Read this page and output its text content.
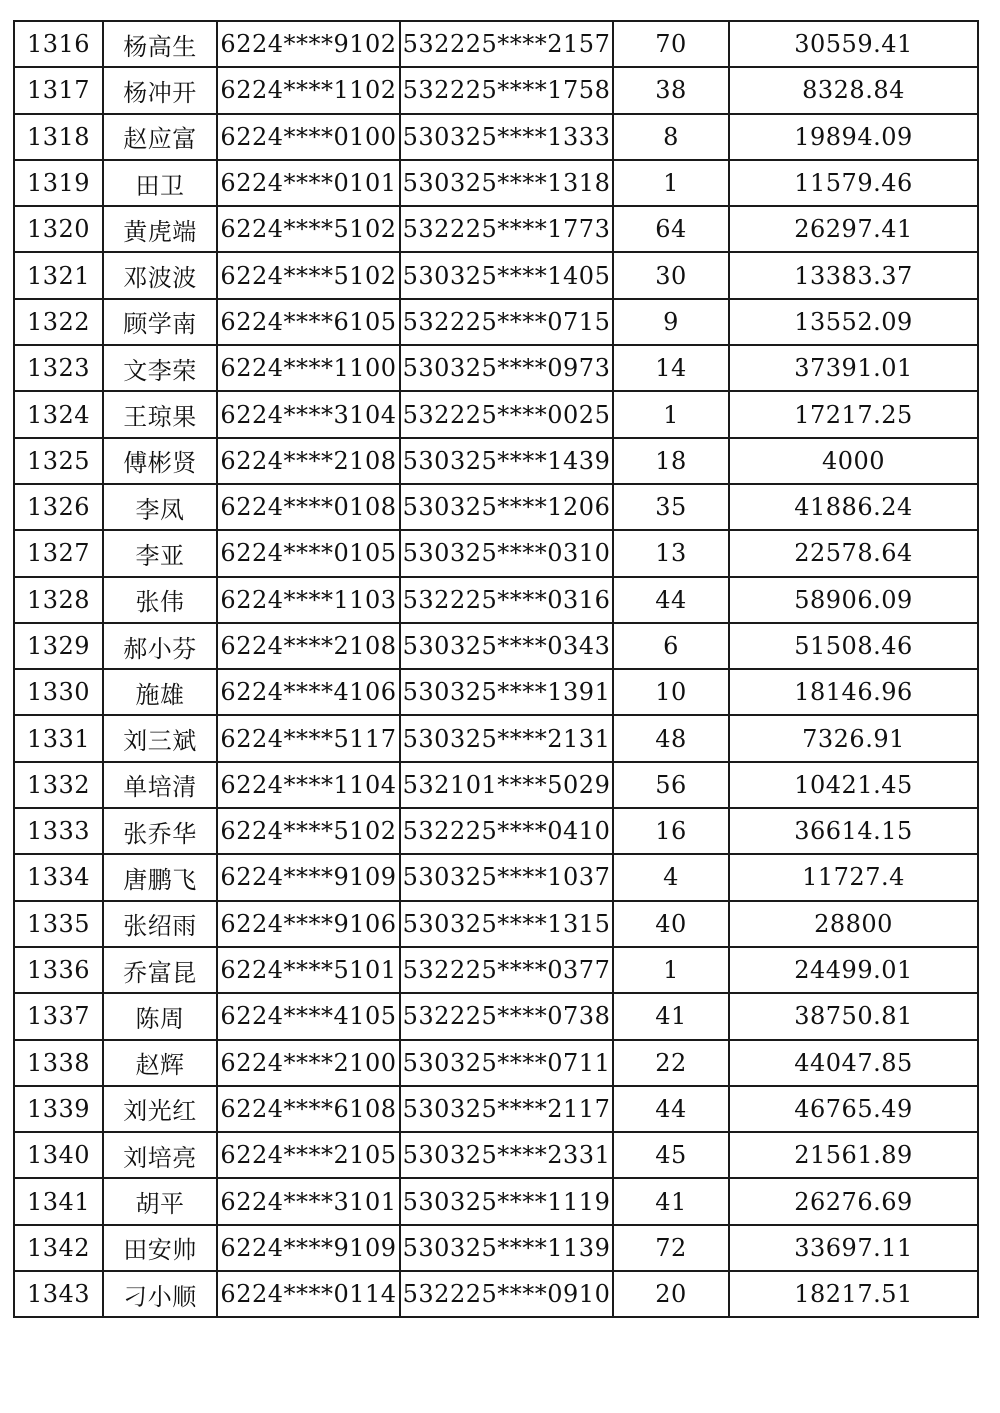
1316	杨高生	6224****9102	532225****2157	70	30559.41
1317	杨冲开	6224****1102	532225****1758	38	8328.84
1318	赵应富	6224****0100	530325****1333	8	19894.09
1319	田卫	6224****0101	530325****1318	1	11579.46
1320	黄虎端	6224****5102	532225****1773	64	26297.41
1321	邓波波	6224****5102	530325****1405	30	13383.37
1322	顾学南	6224****6105	532225****0715	9	13552.09
1323	文李荣	6224****1100	530325****0973	14	37391.01
1324	王琼果	6224****3104	532225****0025	1	17217.25
1325	傅彬贤	6224****2108	530325****1439	18	4000
1326	李凤	6224****0108	530325****1206	35	41886.24
1327	李亚	6224****0105	530325****0310	13	22578.64
1328	张伟	6224****1103	532225****0316	44	58906.09
1329	郝小芬	6224****2108	530325****0343	6	51508.46
1330	施雄	6224****4106	530325****1391	10	18146.96
1331	刘三斌	6224****5117	530325****2131	48	7326.91
1332	单培清	6224****1104	532101****5029	56	10421.45
1333	张乔华	6224****5102	532225****0410	16	36614.15
1334	唐鹏飞	6224****9109	530325****1037	4	11727.4
1335	张绍雨	6224****9106	530325****1315	40	28800
1336	乔富昆	6224****5101	532225****0377	1	24499.01
1337	陈周	6224****4105	532225****0738	41	38750.81
1338	赵辉	6224****2100	530325****0711	22	44047.85
1339	刘光红	6224****6108	530325****2117	44	46765.49
1340	刘培亮	6224****2105	530325****2331	45	21561.89
1341	胡平	6224****3101	530325****1119	41	26276.69
1342	田安帅	6224****9109	530325****1139	72	33697.11
1343	刁小顺	6224****0114	532225****0910	20	18217.51
